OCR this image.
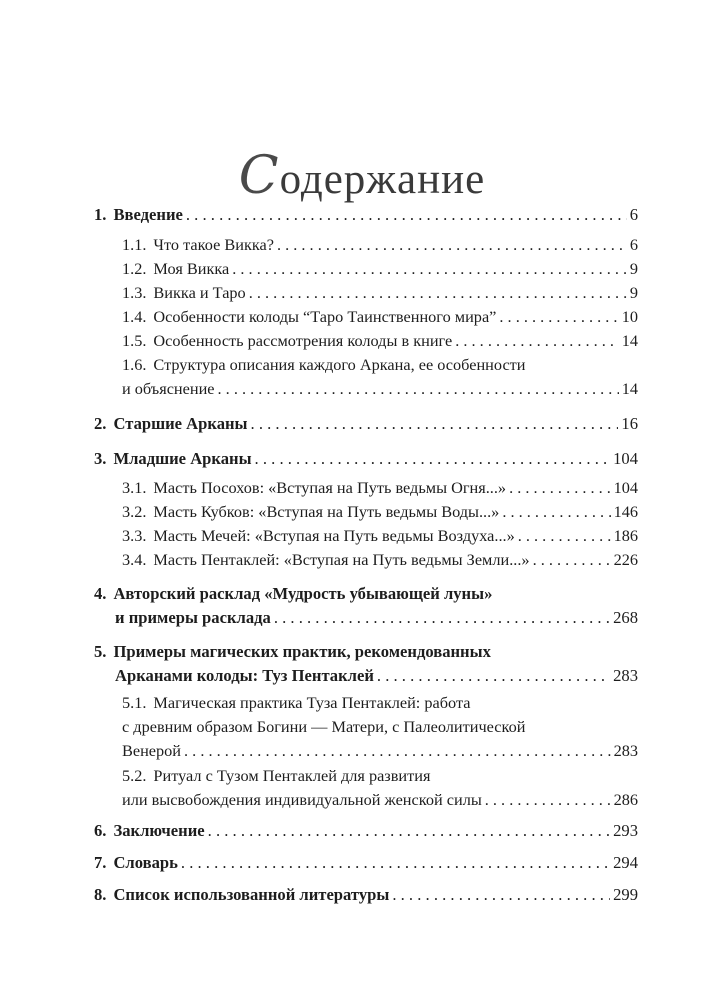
Содержание
1. Введение . . .	6
1.1. Что такое Викка? . . .	6
1.2. Моя Викка . . .	9
1.3. Викка и Таро . . .	9
1.4. Особенности колоды “Таро Таинственного мира” . . .	10
1.5. Особенность рассмотрения колоды в книге . . .	14
1.6. Структура описания каждого Аркана, ее особенности
и объяснение . . .	14
2. Старшие Арканы . . .	16
3. Младшие Арканы . . .	104
3.1. Масть Посохов: «Вступая на Путь ведьмы Огня...» . . .	104
3.2. Масть Кубков: «Вступая на Путь ведьмы Воды...» . . .	146
3.3. Масть Мечей: «Вступая на Путь ведьмы Воздуха...» . . .	186
3.4. Масть Пентаклей: «Вступая на Путь ведьмы Земли...» . . .	226
4. Авторский расклад «Мудрость убывающей луны»
и примеры расклада . . .	268
5. Примеры магических практик, рекомендованных
Арканами колоды: Туз Пентаклей . . .	283
5.1. Магическая практика Туза Пентаклей: работа
с древним образом Богини — Матери, с Палеолитической
Венерой . . .	283
5.2. Ритуал с Тузом Пентаклей для развития
или высвобождения индивидуальной женской силы . . .	286
6. Заключение . . .	293
7. Словарь . . .	294
8. Список использованной литературы . . .	299
